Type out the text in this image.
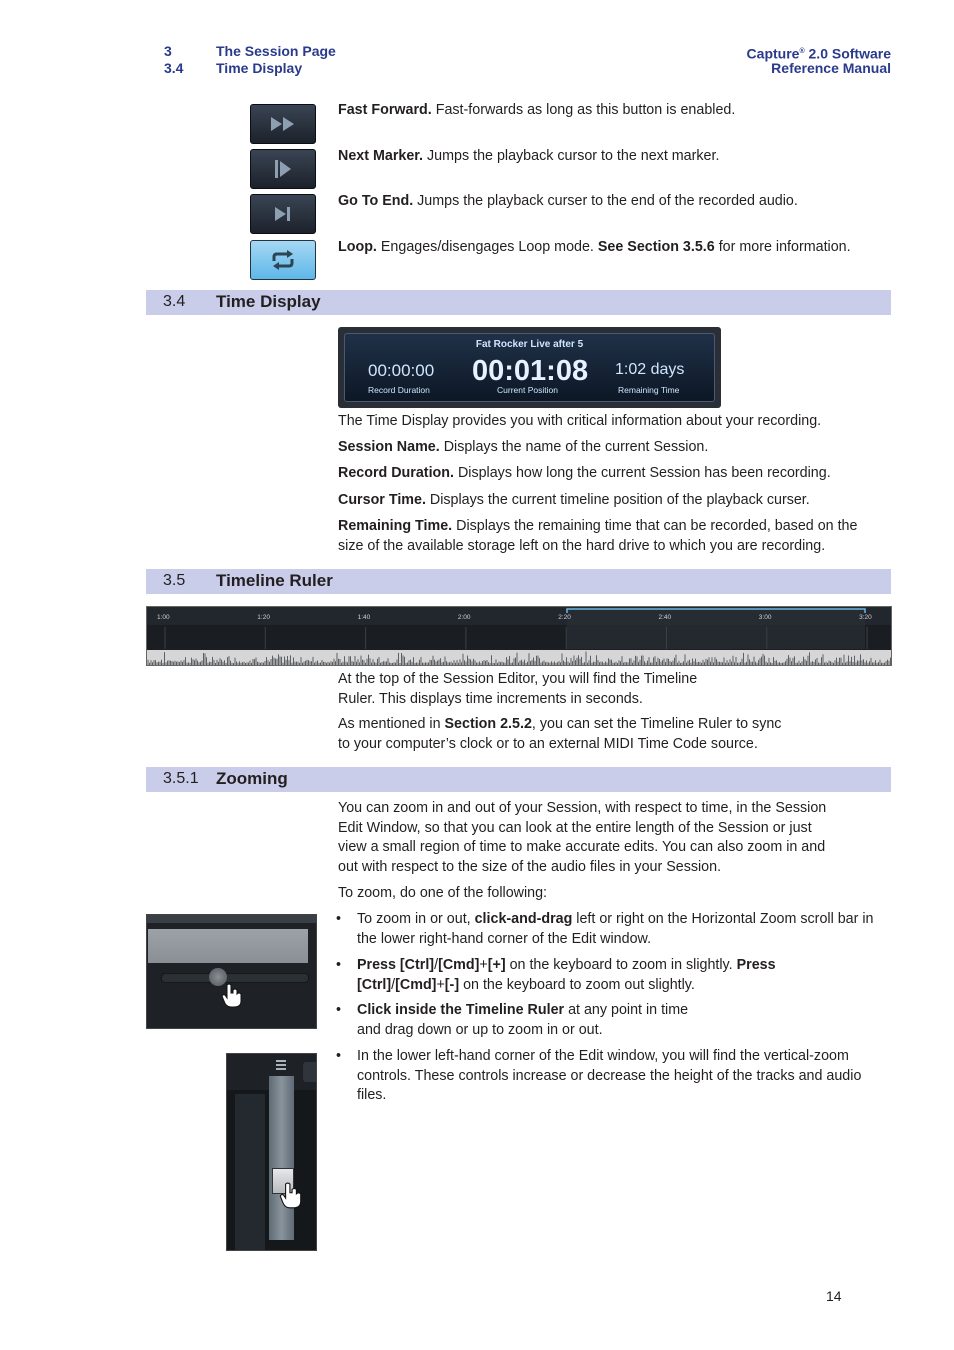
3	The Session Page
3.4 Time Display
Capture® 2.0 Software
Reference Manual
Fast Forward. Fast-forwards as long as this button is enabled.
Next Marker. Jumps the playback cursor to the next marker.
Go To End. Jumps the playback curser to the end of the recorded audio.
Loop. Engages/disengages Loop mode. See Section 3.5.6 for more information.
3.4 Time Display
Fat Rocker Live after 5
00:00:00
Record Duration
00:01:08
Current Position
1:02 days
Remaining Time
The Time Display provides you with critical information about your recording.
Session Name. Displays the name of the current Session.
Record Duration. Displays how long the current Session has been recording.
Cursor Time. Displays the current timeline position of the playback curser.
Remaining Time. Displays the remaining time that can be recorded, based on the size of the available storage left on the hard drive to which you are recording.
3.5 Timeline Ruler
1:00	1:20	1:40	2:00	2:20	2:40	3:00	3:20
At the top of the Session Editor, you will find the Timeline Ruler. This displays time increments in seconds.
As mentioned in Section 2.5.2, you can set the Timeline Ruler to sync to your computer’s clock or to an external MIDI Time Code source.
3.5.1 Zooming
You can zoom in and out of your Session, with respect to time, in the Session Edit Window, so that you can look at the entire length of the Session or just view a small region of time to make accurate edits. You can also zoom in and out with respect to the size of the audio files in your Session.
To zoom, do one of the following:
• To zoom in or out, click-and-drag left or right on the Horizontal Zoom scroll bar in the lower right-hand corner of the Edit window.
• Press [Ctrl]/[Cmd]+[+] on the keyboard to zoom in slightly. Press [Ctrl]/[Cmd]+[-] on the keyboard to zoom out slightly.
• Click inside the Timeline Ruler at any point in time and drag down or up to zoom in or out.
• In the lower left-hand corner of the Edit window, you will find the vertical-zoom controls. These controls increase or decrease the height of the tracks and audio files.
14
